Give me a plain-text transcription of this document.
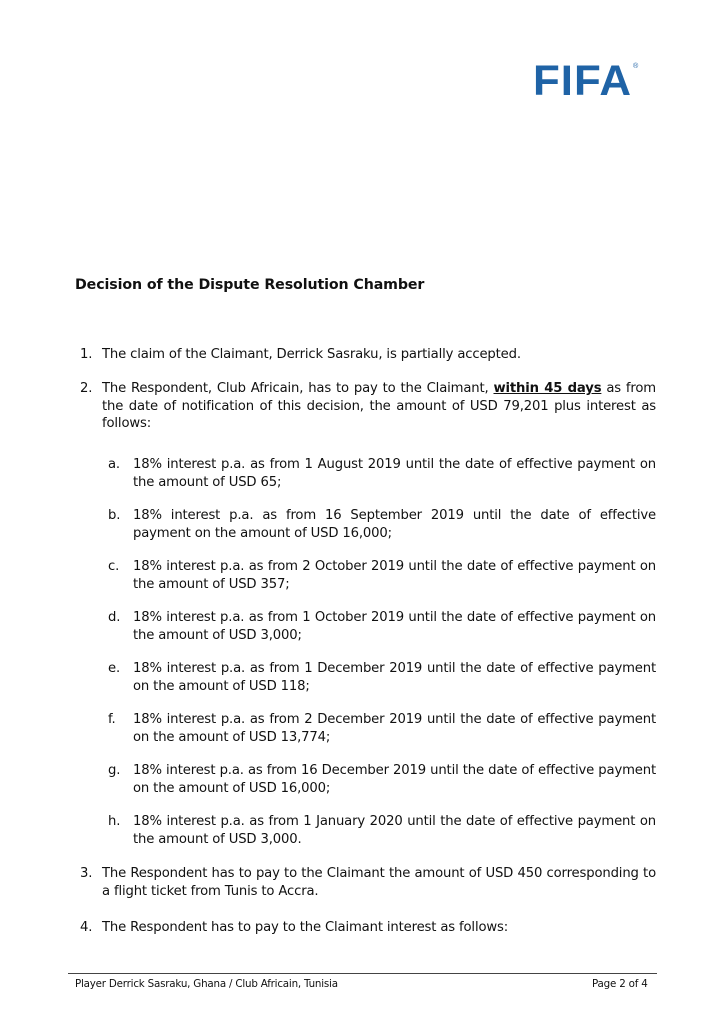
FIFA ®
Decision of the Dispute Resolution Chamber
1. The claim of the Claimant, Derrick Sasraku, is partially accepted.
2. The Respondent, Club Africain, has to pay to the Claimant, within 45 days as from the date of notification of this decision, the amount of USD 79,201 plus interest as follows:
a. 18% interest p.a. as from 1 August 2019 until the date of effective payment on the amount of USD 65;
b. 18% interest p.a. as from 16 September 2019 until the date of effective payment on the amount of USD 16,000;
c. 18% interest p.a. as from 2 October 2019 until the date of effective payment on the amount of USD 357;
d. 18% interest p.a. as from 1 October 2019 until the date of effective payment on the amount of USD 3,000;
e. 18% interest p.a. as from 1 December 2019 until the date of effective payment on the amount of USD 118;
f. 18% interest p.a. as from 2 December 2019 until the date of effective payment on the amount of USD 13,774;
g. 18% interest p.a. as from 16 December 2019 until the date of effective payment on the amount of USD 16,000;
h. 18% interest p.a. as from 1 January 2020 until the date of effective payment on the amount of USD 3,000.
3. The Respondent has to pay to the Claimant the amount of USD 450 corresponding to a flight ticket from Tunis to Accra.
4. The Respondent has to pay to the Claimant interest as follows:
Player Derrick Sasraku, Ghana / Club Africain, Tunisia	Page 2 of 4
